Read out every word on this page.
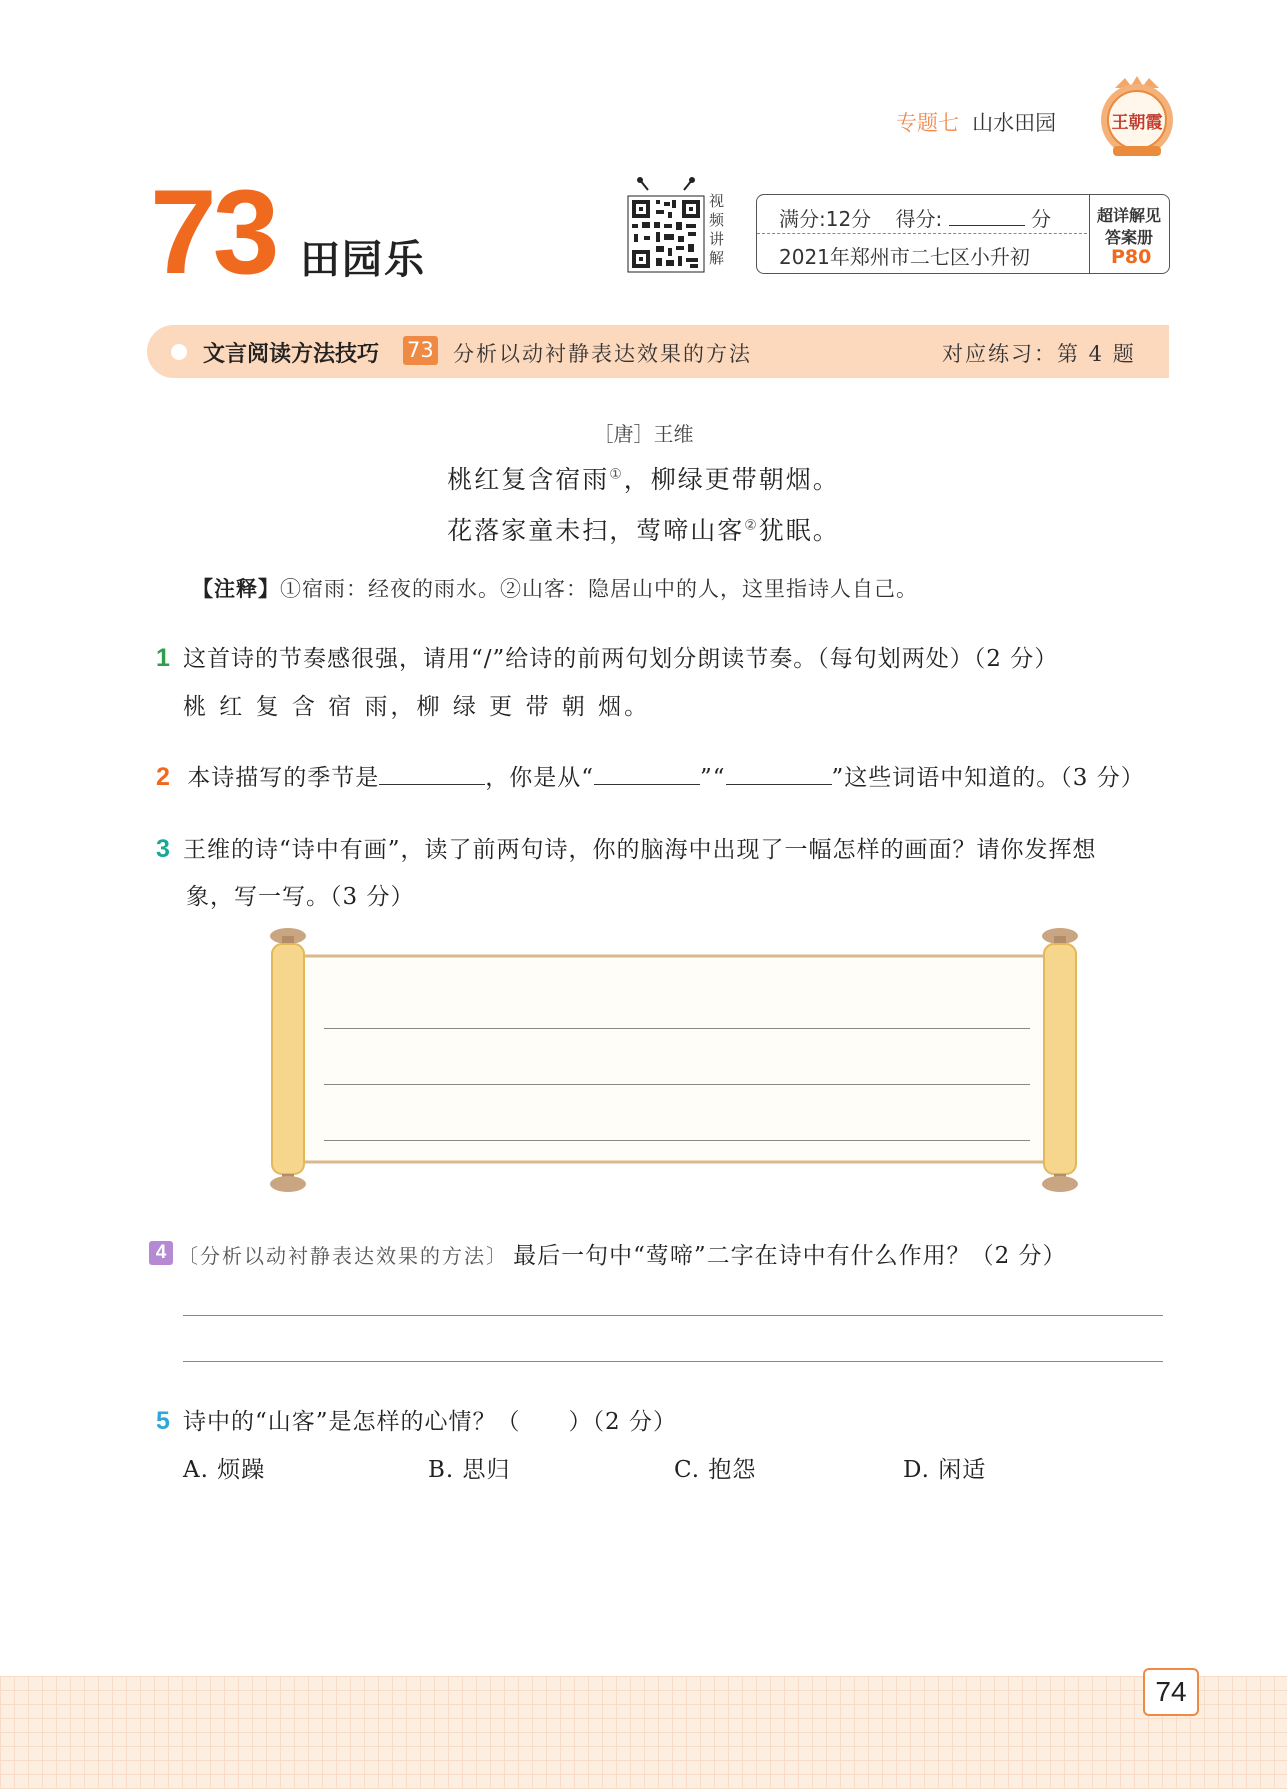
专题七 山水田园	王朝霞
73 田园乐
视
频
讲
解
满分:12分 得分:	分
2021年郑州市二七区小升初
超详解见
答案册
P80
文言阅读方法技巧 73 分析以动衬静表达效果的方法	对应练习：第 4 题
［唐］王维
桃红复含宿雨①，柳绿更带朝烟。
花落家童未扫，莺啼山客②犹眠。
【注释】①宿雨：经夜的雨水。②山客：隐居山中的人，这里指诗人自己。
1 这首诗的节奏感很强，请用“/”给诗的前两句划分朗读节奏。（每句划两处）（2 分）
桃 红 复 含 宿 雨，柳 绿 更 带 朝 烟。
2 本诗描写的季节是	，你是从“	”“	”这些词语中知道的。（3 分）
3 王维的诗“诗中有画”，读了前两句诗，你的脑海中出现了一幅怎样的画面？请你发挥想
象，写一写。（3 分）
4 〔分析以动衬静表达效果的方法〕 最后一句中“莺啼”二字在诗中有什么作用？（2 分）
5 诗中的“山客”是怎样的心情？（　　）（2 分）
A. 烦躁	B. 思归	C. 抱怨	D. 闲适
74
